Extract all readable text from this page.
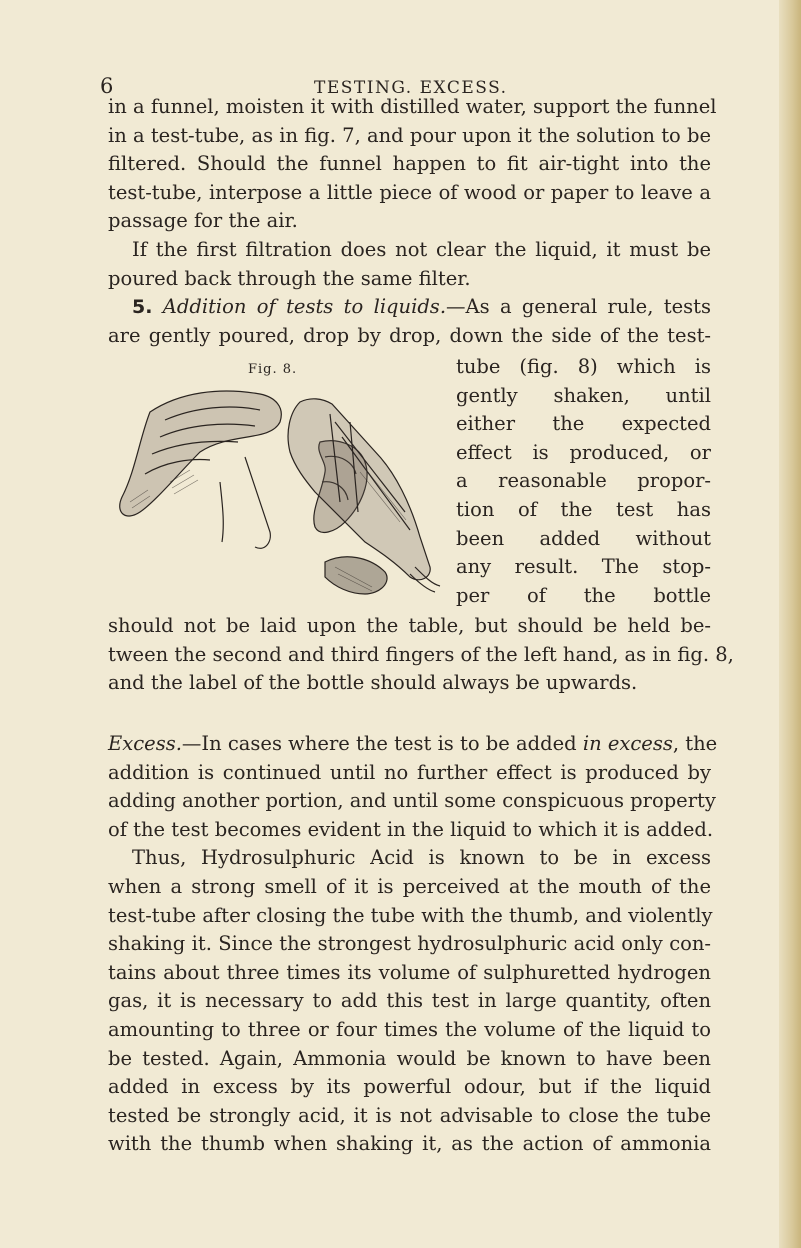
6	TESTING. EXCESS.
in a funnel, moisten it with distilled water, support the funnel
in a test-tube, as in fig. 7, and pour upon it the solution to be
filtered. Should the funnel happen to fit air-tight into the
test-tube, interpose a little piece of wood or paper to leave a
passage for the air.
If the first filtration does not clear the liquid, it must be
poured back through the same filter.
5. Addition of tests to liquids.—As a general rule, tests
are gently poured, drop by drop, down the side of the test-
Fig. 8.	tube (fig. 8) which is
gently shaken, until
either the expected
effect is produced, or
a reasonable propor-
tion of the test has
been added without
any result. The stop-
per of the bottle
should not be laid upon the table, but should be held be-
tween the second and third fingers of the left hand, as in fig. 8,
and the label of the bottle should always be upwards.
Excess.—In cases where the test is to be added in excess, the
addition is continued until no further effect is produced by
adding another portion, and until some conspicuous property
of the test becomes evident in the liquid to which it is added.
Thus, Hydrosulphuric Acid is known to be in excess
when a strong smell of it is perceived at the mouth of the
test-tube after closing the tube with the thumb, and violently
shaking it. Since the strongest hydrosulphuric acid only con-
tains about three times its volume of sulphuretted hydrogen
gas, it is necessary to add this test in large quantity, often
amounting to three or four times the volume of the liquid to
be tested. Again, Ammonia would be known to have been
added in excess by its powerful odour, but if the liquid
tested be strongly acid, it is not advisable to close the tube
with the thumb when shaking it, as the action of ammonia
